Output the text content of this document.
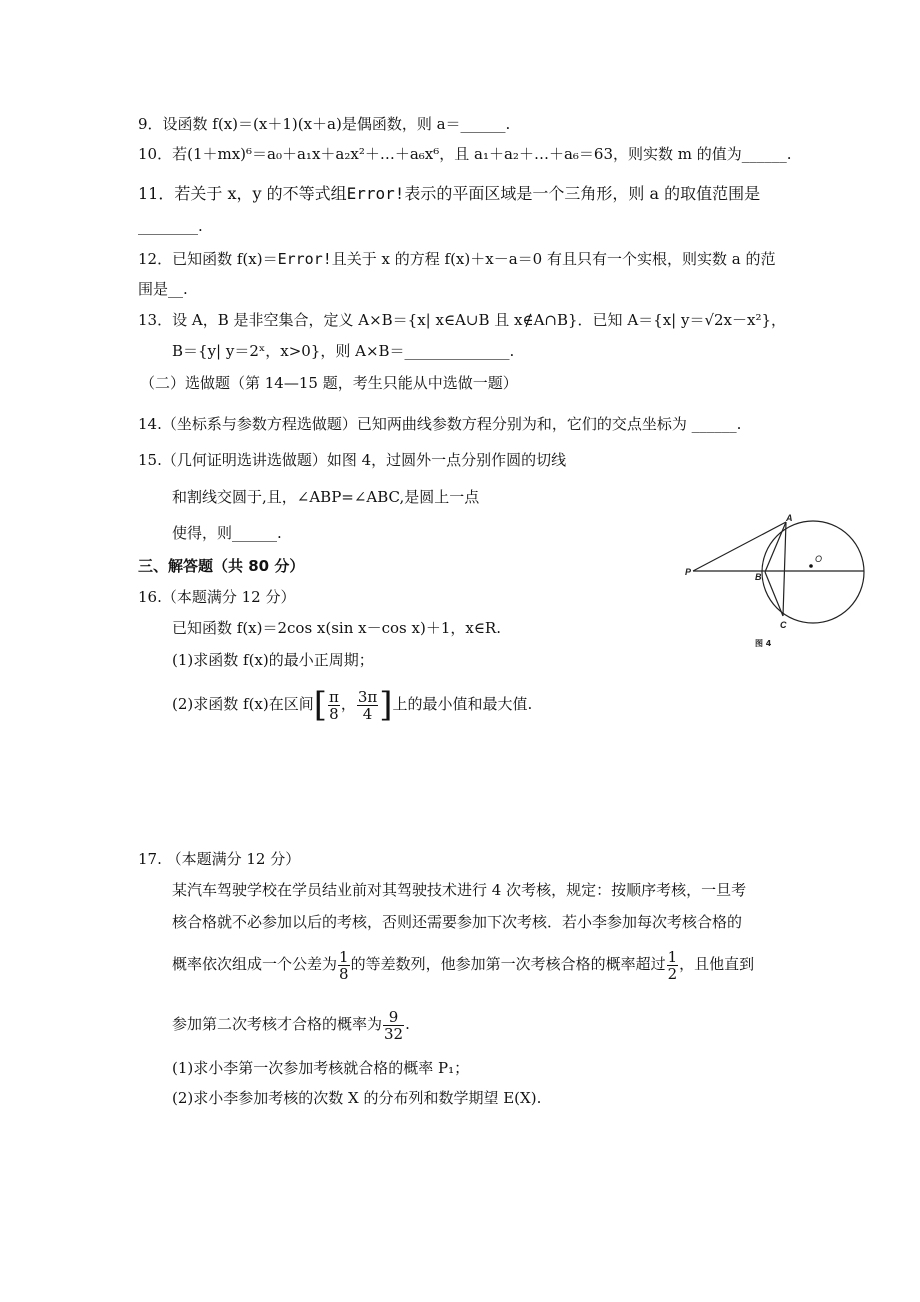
9．设函数 f(x)＝(x＋1)(x＋a)是偶函数，则 a＝______.
10．若(1＋mx)⁶＝a₀＋a₁x＋a₂x²＋…＋a₆x⁶，且 a₁＋a₂＋…＋a₆＝63，则实数 m 的值为______.
11．若关于 x，y 的不等式组Error!表示的平面区域是一个三角形，则 a 的取值范围是
________.
12．已知函数 f(x)＝Error!且关于 x 的方程 f(x)＋x－a＝0 有且只有一个实根，则实数 a 的范
围是__.
13．设 A，B 是非空集合，定义 A×B＝{x| x∈A∪B 且 x∉A∩B}．已知 A＝{x| y＝√2x－x²}，
B＝{y| y＝2ˣ，x>0}，则 A×B＝______________.
（二）选做题（第 14—15 题，考生只能从中选做一题）
14.（坐标系与参数方程选做题）已知两曲线参数方程分别为和，它们的交点坐标为 ______.
15.（几何证明选讲选做题）如图 4，过圆外一点分别作圆的切线
和割线交圆于,且，∠ABP=∠ABC,是圆上一点
使得，则______.
三、解答题（共 80 分）
16.（本题满分 12 分）
已知函数 f(x)＝2cos x(sin x－cos x)＋1，x∈R.
(1)求函数 f(x)的最小正周期；
(2)求函数 f(x)在区间[ $\frac{\pi}{8}$ ， $\frac{3\pi}{4}$ ]上的最小值和最大值.
17. （本题满分 12 分）
某汽车驾驶学校在学员结业前对其驾驶技术进行 4 次考核，规定：按顺序考核，一旦考
核合格就不必参加以后的考核，否则还需要参加下次考核．若小李参加每次考核合格的
概率依次组成一个公差为 $\frac{1}{8}$ 的等差数列，他参加第一次考核合格的概率超过 $\frac{1}{2}$ ，且他直到
参加第二次考核才合格的概率为 $\frac{9}{32}$ .
(1)求小李第一次参加考核就合格的概率 P₁；
(2)求小李参加考核的次数 X 的分布列和数学期望 E(X).
A
B
C
P
O
图 4
